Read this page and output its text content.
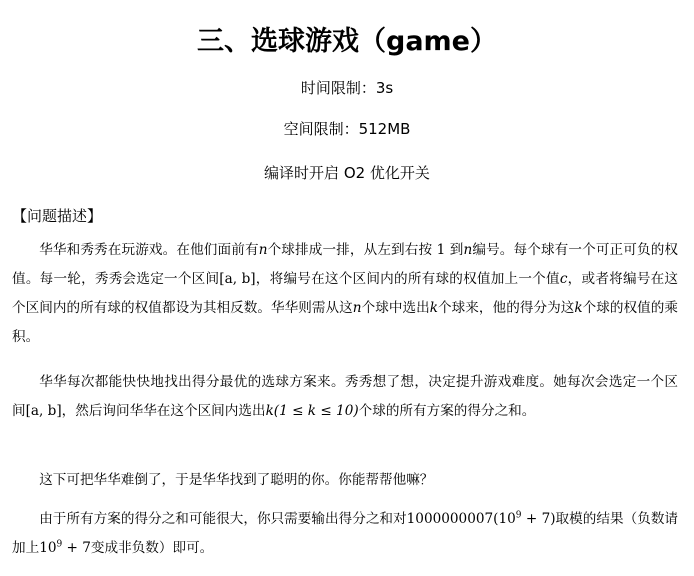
三、选球游戏（game）
时间限制：3s
空间限制：512MB
编译时开启 O2 优化开关
【问题描述】

华华和秀秀在玩游戏。在他们面前有n个球排成一排，从左到右按 1 到n编号。每个球有一个可正可负的权值。每一轮，秀秀会选定一个区间[a, b]，将编号在这个区间内的所有球的权值加上一个值c，或者将编号在这个区间内的所有球的权值都设为其相反数。华华则需从这n个球中选出k个球来，他的得分为这k个球的权值的乘积。

华华每次都能快快地找出得分最优的选球方案来。秀秀想了想，决定提升游戏难度。她每次会选定一个区间[a, b]，然后询问华华在这个区间内选出k(1 ≤ k ≤ 10)个球的所有方案的得分之和。

这下可把华华难倒了，于是华华找到了聪明的你。你能帮帮他嘛？

由于所有方案的得分之和可能很大，你只需要输出得分之和对$1000000007(10^9 + 7)$取模的结果（负数请加上$10^9 + 7$变成非负数）即可。
